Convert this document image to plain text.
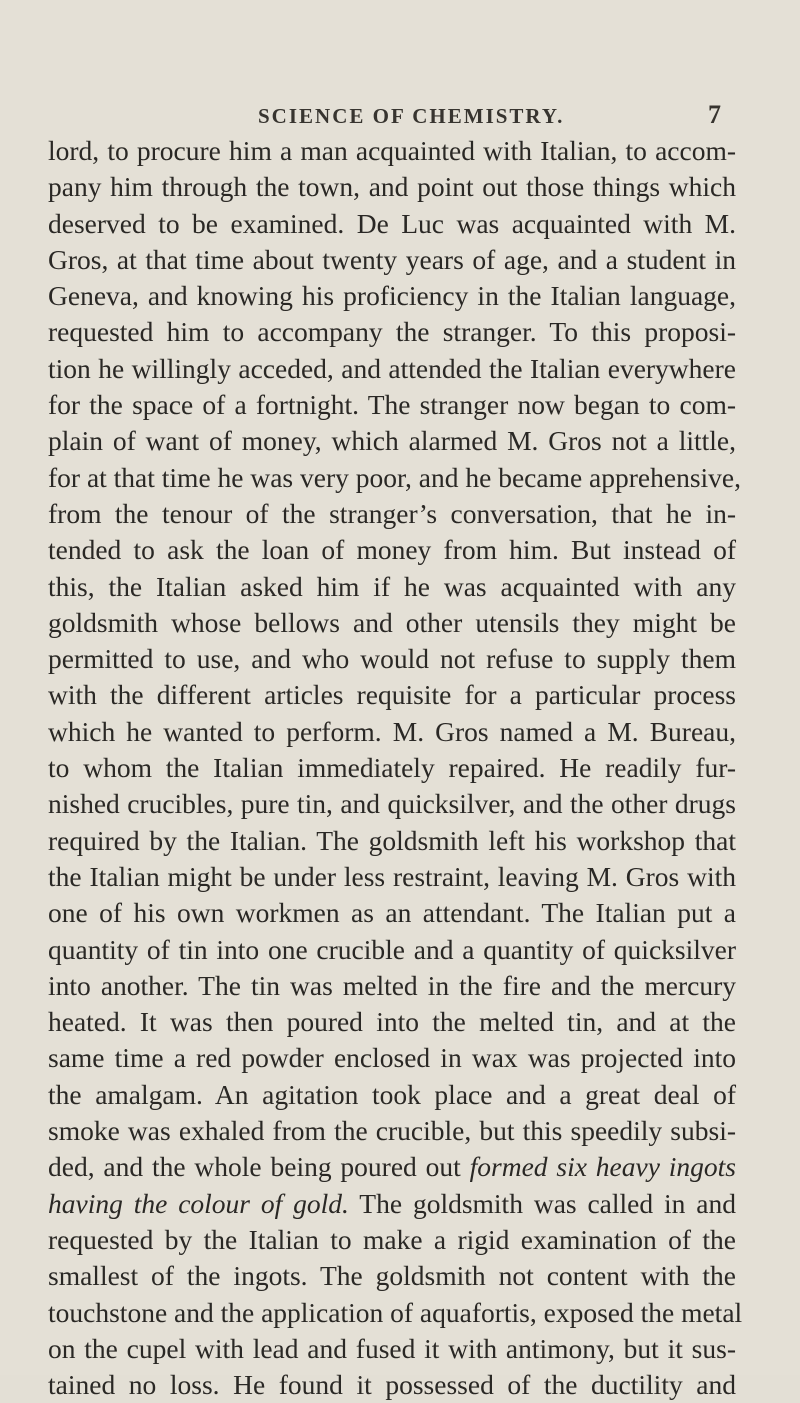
SCIENCE OF CHEMISTRY.	7
lord, to procure him a man acquainted with Italian, to accom-
pany him through the town, and point out those things which
deserved to be examined. De Luc was acquainted with M.
Gros, at that time about twenty years of age, and a student in
Geneva, and knowing his proficiency in the Italian language,
requested him to accompany the stranger. To this proposi-
tion he willingly acceded, and attended the Italian everywhere
for the space of a fortnight. The stranger now began to com-
plain of want of money, which alarmed M. Gros not a little,
for at that time he was very poor, and he became apprehensive,
from the tenour of the stranger’s conversation, that he in-
tended to ask the loan of money from him. But instead of
this, the Italian asked him if he was acquainted with any
goldsmith whose bellows and other utensils they might be
permitted to use, and who would not refuse to supply them
with the different articles requisite for a particular process
which he wanted to perform. M. Gros named a M. Bureau,
to whom the Italian immediately repaired. He readily fur-
nished crucibles, pure tin, and quicksilver, and the other drugs
required by the Italian. The goldsmith left his workshop that
the Italian might be under less restraint, leaving M. Gros with
one of his own workmen as an attendant. The Italian put a
quantity of tin into one crucible and a quantity of quicksilver
into another. The tin was melted in the fire and the mercury
heated. It was then poured into the melted tin, and at the
same time a red powder enclosed in wax was projected into
the amalgam. An agitation took place and a great deal of
smoke was exhaled from the crucible, but this speedily subsi-
ded, and the whole being poured out formed six heavy ingots
having the colour of gold. The goldsmith was called in and
requested by the Italian to make a rigid examination of the
smallest of the ingots. The goldsmith not content with the
touchstone and the application of aquafortis, exposed the metal
on the cupel with lead and fused it with antimony, but it sus-
tained no loss. He found it possessed of the ductility and
